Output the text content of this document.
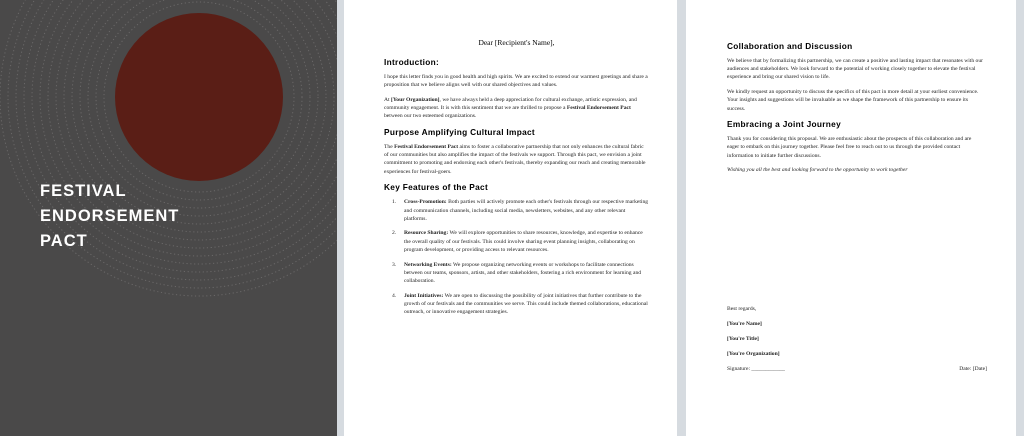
FESTIVAL
ENDORSEMENT
PACT
Dear [Recipient's Name],
Introduction:
I hope this letter finds you in good health and high spirits. We are excited to extend our warmest greetings and share a proposition that we believe aligns well with our shared objectives and values.
At [Your Organization], we have always held a deep appreciation for cultural exchange, artistic expression, and community engagement. It is with this sentiment that we are thrilled to propose a Festival Endorsement Pact between our two esteemed organizations.
Purpose Amplifying Cultural Impact
The Festival Endorsement Pact aims to foster a collaborative partnership that not only enhances the cultural fabric of our communities but also amplifies the impact of the festivals we support. Through this pact, we envision a joint commitment to promoting and endorsing each other's festivals, thereby expanding our reach and creating memorable experiences for festival-goers.
Key Features of the Pact
1.	Cross-Promotion: Both parties will actively promote each other's festivals through our respective marketing and communication channels, including social media, newsletters, websites, and any other relevant platforms.
2.	Resource Sharing: We will explore opportunities to share resources, knowledge, and expertise to enhance the overall quality of our festivals. This could involve sharing event planning insights, collaborating on program development, or providing access to relevant resources.
3.	Networking Events: We propose organizing networking events or workshops to facilitate connections between our teams, sponsors, artists, and other stakeholders, fostering a rich environment for learning and collaboration.
4.	Joint Initiatives: We are open to discussing the possibility of joint initiatives that further contribute to the growth of our festivals and the communities we serve. This could include themed collaborations, educational outreach, or innovative engagement strategies.
Collaboration and Discussion
We believe that by formalizing this partnership, we can create a positive and lasting impact that resonates with our audiences and stakeholders. We look forward to the potential of working closely together to elevate the festival experience and bring our shared vision to life.
We kindly request an opportunity to discuss the specifics of this pact in more detail at your earliest convenience. Your insights and suggestions will be invaluable as we shape the framework of this partnership to ensure its success.
Embracing a Joint Journey
Thank you for considering this proposal. We are enthusiastic about the prospects of this collaboration and are eager to embark on this journey together. Please feel free to reach out to us through the provided contact information to initiate further discussions.
Wishing you all the best and looking forward to the opportunity to work together
Best regards,
[You're Name]
[You're Title]
[You're Organization]
Signature: ____________	Date: [Date]
